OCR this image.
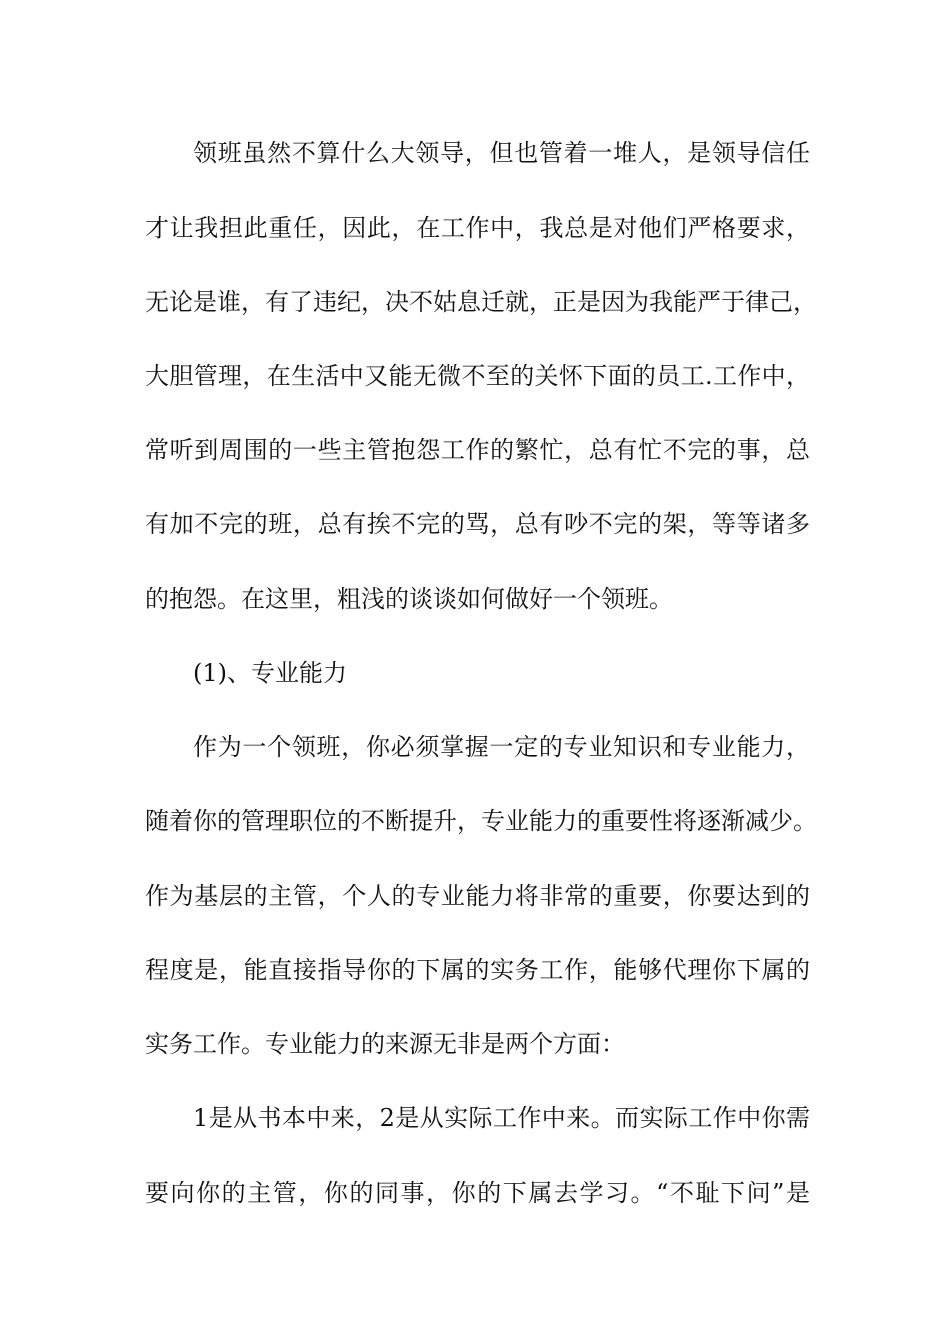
领班虽然不算什么大领导，但也管着一堆人，是领导信任
才让我担此重任，因此，在工作中，我总是对他们严格要求，
无论是谁，有了违纪，决不姑息迁就，正是因为我能严于律己，
大胆管理，在生活中又能无微不至的关怀下面的员工.工作中，
常听到周围的一些主管抱怨工作的繁忙，总有忙不完的事，总
有加不完的班，总有挨不完的骂，总有吵不完的架，等等诸多
的抱怨。在这里，粗浅的谈谈如何做好一个领班。
(1)、专业能力
作为一个领班，你必须掌握一定的专业知识和专业能力，
随着你的管理职位的不断提升，专业能力的重要性将逐渐减少。
作为基层的主管，个人的专业能力将非常的重要，你要达到的
程度是，能直接指导你的下属的实务工作，能够代理你下属的
实务工作。专业能力的来源无非是两个方面：
1是从书本中来，2是从实际工作中来。而实际工作中你需
要向你的主管，你的同事，你的下属去学习。“不耻下问”是
